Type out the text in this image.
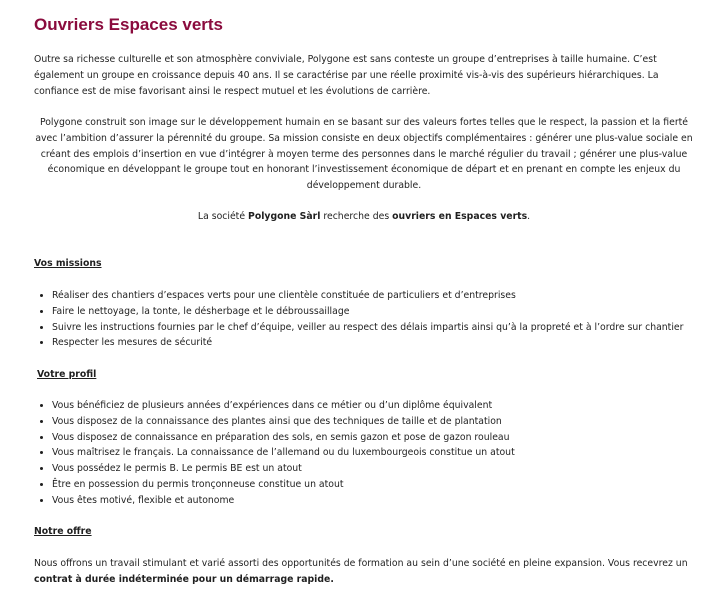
Ouvriers Espaces verts

Outre sa richesse culturelle et son atmosphère conviviale, Polygone est sans conteste un groupe d’entreprises à taille humaine. C’est également un groupe en croissance depuis 40 ans. Il se caractérise par une réelle proximité vis-à-vis des supérieurs hiérarchiques. La confiance est de mise favorisant ainsi le respect mutuel et les évolutions de carrière.

Polygone construit son image sur le développement humain en se basant sur des valeurs fortes telles que le respect, la passion et la fierté avec l’ambition d’assurer la pérennité du groupe. Sa mission consiste en deux objectifs complémentaires : générer une plus-value sociale en créant des emplois d’insertion en vue d’intégrer à moyen terme des personnes dans le marché régulier du travail ; générer une plus-value économique en développant le groupe tout en honorant l’investissement économique de départ et en prenant en compte les enjeux du développement durable.

La société Polygone Sàrl recherche des ouvriers en Espaces verts.

Vos missions
• Réaliser des chantiers d’espaces verts pour une clientèle constituée de particuliers et d’entreprises
• Faire le nettoyage, la tonte, le désherbage et le débroussaillage
• Suivre les instructions fournies par le chef d’équipe, veiller au respect des délais impartis ainsi qu’à la propreté et à l’ordre sur chantier
• Respecter les mesures de sécurité
Votre profil
• Vous bénéficiez de plusieurs années d’expériences dans ce métier ou d’un diplôme équivalent
• Vous disposez de la connaissance des plantes ainsi que des techniques de taille et de plantation
• Vous disposez de connaissance en préparation des sols, en semis gazon et pose de gazon rouleau
• Vous maîtrisez le français. La connaissance de l’allemand ou du luxembourgeois constitue un atout
• Vous possédez le permis B. Le permis BE est un atout
• Être en possession du permis tronçonneuse constitue un atout
• Vous êtes motivé, flexible et autonome
Notre offre

Nous offrons un travail stimulant et varié assorti des opportunités de formation au sein d’une société en pleine expansion. Vous recevrez un contrat à durée indéterminée pour un démarrage rapide.
